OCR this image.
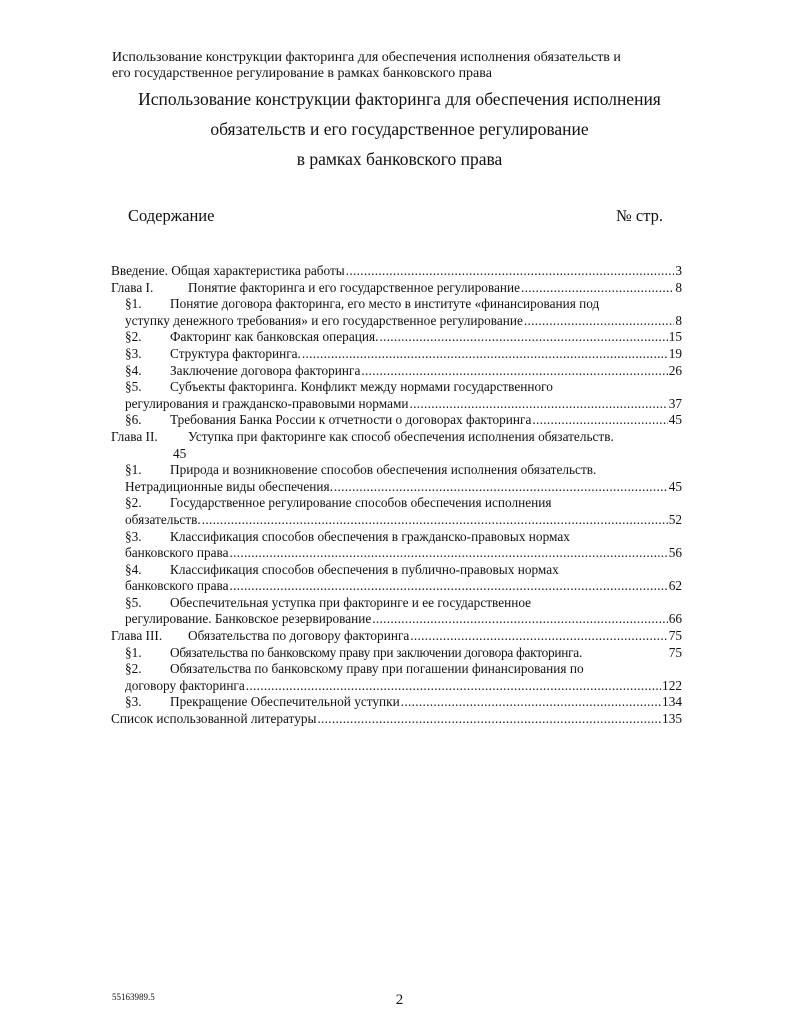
Использование конструкции факторинга для обеспечения исполнения обязательств и
его государственное регулирование в рамках банковского права
Использование конструкции факторинга для обеспечения исполнения
обязательств и его государственное регулирование
в рамках банковского права
Содержание	№ стр.
Введение. Общая характеристика работы .....	3
Глава I.	Понятие факторинга и его государственное регулирование .....	8
§1.	Понятие договора факторинга, его место в институте «финансирования под
уступку денежного требования» и его государственное регулирование .....	8
§2.	Факторинг как банковская операция. .....	15
§3.	Структура факторинга. .....	19
§4.	Заключение договора факторинга .....	26
§5.	Субъекты факторинга. Конфликт между нормами государственного
регулирования и гражданско-правовыми нормами .....	37
§6.	Требования Банка России к отчетности о договорах факторинга .....	45
Глава II.	Уступка при факторинге как способ обеспечения исполнения обязательств.
45
§1.	Природа и возникновение способов обеспечения исполнения обязательств.
Нетрадиционные виды обеспечения. .....	45
§2.	Государственное регулирование способов обеспечения исполнения
обязательств. .....	52
§3.	Классификация способов обеспечения в гражданско-правовых нормах
банковского права .....	56
§4.	Классификация способов обеспечения в публично-правовых нормах
банковского права .....	62
§5.	Обеспечительная уступка при факторинге и ее государственное
регулирование. Банковское резервирование .....	66
Глава III.	Обязательства по договору факторинга .....	75
§1.	Обязательства по банковскому праву при заключении договора факторинга.	75
§2.	Обязательства по банковскому праву при погашении финансирования по
договору факторинга .....	122
§3.	Прекращение Обеспечительной уступки .....	134
Список использованной литературы .....	135
55163989.5	2
